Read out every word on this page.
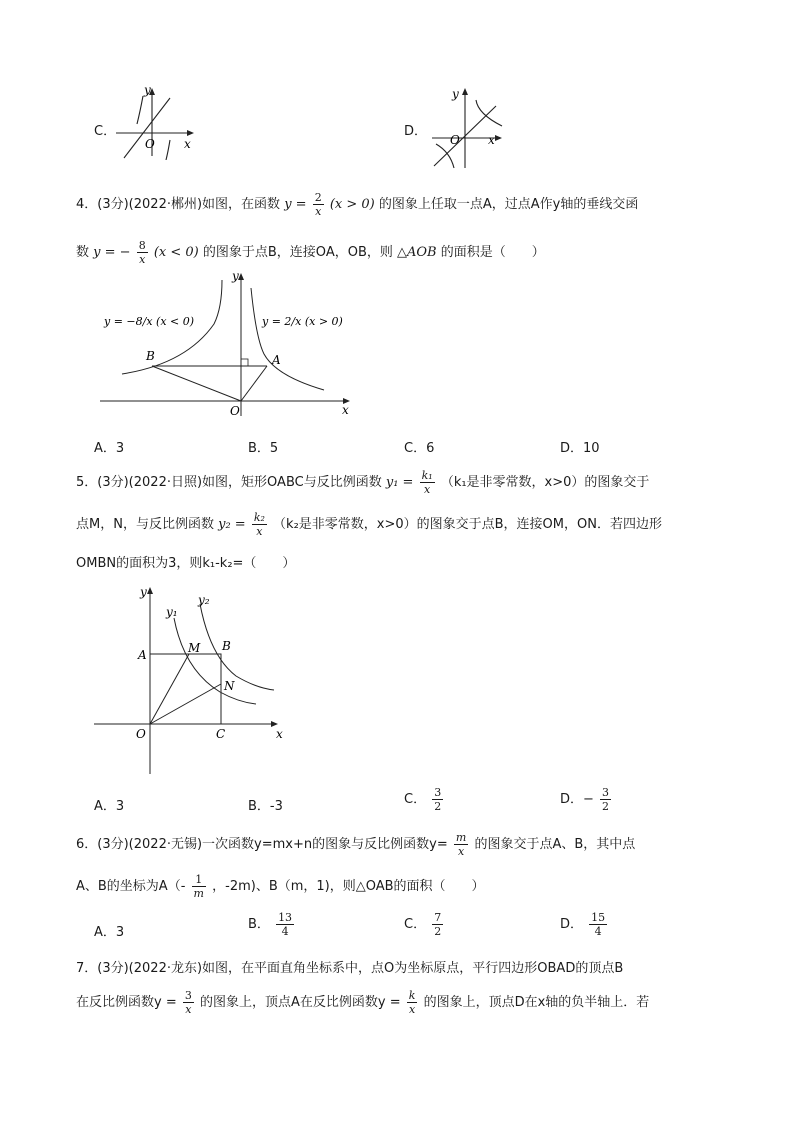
C．
y
O x
D．
y
O x
4．(3分)(2022·郴州)如图，在函数 $y = \frac{2}{x} (x > 0)$ 的图象上任取一点A，过点A作y轴的垂线交函
数 y = − $\frac{8}{x} (x < 0)$ 的图象于点B，连接OA，OB，则 △AOB 的面积是（　　）
y = −8/x (x < 0)	y = 2/x (x > 0)
B	A
O	x
y
A．3	B．5	C．6	D．10
5．(3分)(2022·日照)如图，矩形OABC与反比例函数 $y_1 = \frac{\text{k₁}}{x} (k_1$是非零常数，x>0）的图象交于
点M，N，与反比例函数 $y_2 = \frac{\text{k₂}}{x} (k_2$是非零常数，x>0）的图象交于点B，连接OM，ON．若四边形
OMBN的面积为3，则k₁-k₂=（　　）
y
x
O
A
B
C
M
N
y₁
y₂
A．3	B．-3	C． $\frac{3}{2}$	D．− $\frac{3}{2}$
6．(3分)(2022·无锡)一次函数y=mx+n的图象与反比例函数$y= \frac{m}{x}$ 的图象交于点A、B，其中点
A、B的坐标为$A(- \frac{1}{m}$ ，-2m)、B（m，1)，则△OAB的面积（　　）
A．3
B． $\frac{13}{4}$	C． $\frac{7}{2}$	D． $\frac{15}{4}$
7．(3分)(2022·龙东)如图，在平面直角坐标系中，点O为坐标原点，平行四边形OBAD的顶点B
在反比例函数$y = \frac{3}{x}$ 的图象上，顶点A在反比例函数$y = \frac{k}{x}$ 的图象上，顶点D在x轴的负半轴上．若
